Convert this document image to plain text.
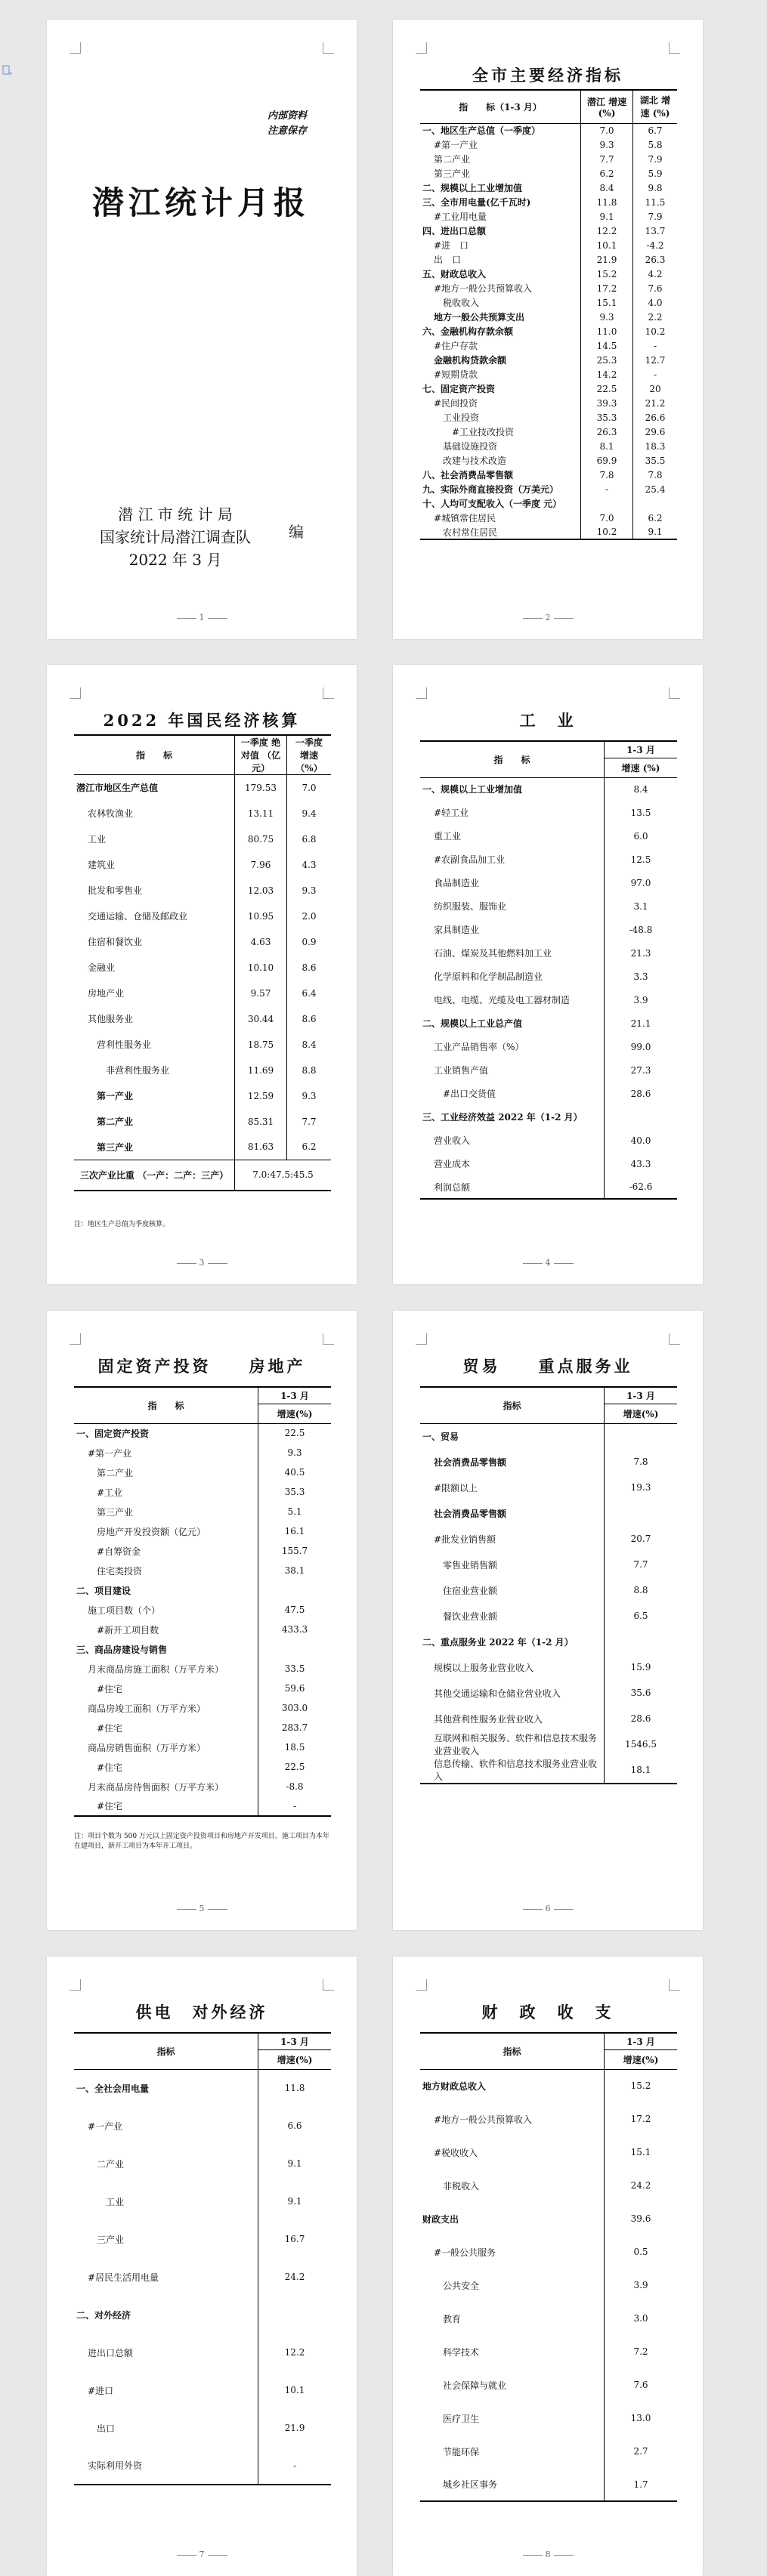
内部资料
注意保存
潜江统计月报
潜 江 市 统 计 局
国家统计局潜江调查队
2022 年 3 月
编
1
全市主要经济指标
指　　标（1-3 月）	潜江 增速 (%)	湖北 增速 (%)
一、地区生产总值（一季度）	7.0	6.7
#第一产业	9.3	5.8
第二产业	7.7	7.9
第三产业	6.2	5.9
二、规模以上工业增加值	8.4	9.8
三、全市用电量(亿千瓦时)	11.8	11.5
#工业用电量	9.1	7.9
四、进出口总额	12.2	13.7
#进　口	10.1	-4.2
出　口	21.9	26.3
五、财政总收入	15.2	4.2
#地方一般公共预算收入	17.2	7.6
税收收入	15.1	4.0
地方一般公共预算支出	9.3	2.2
六、金融机构存款余额	11.0	10.2
#住户存款	14.5	-
金融机构贷款余额	25.3	12.7
#短期贷款	14.2	-
七、固定资产投资	22.5	20
#民间投资	39.3	21.2
工业投资	35.3	26.6
#工业技改投资	26.3	29.6
基础设施投资	8.1	18.3
改建与技术改造	69.9	35.5
八、社会消费品零售额	7.8	7.8
九、实际外商直接投资（万美元）	-	25.4
十、人均可支配收入（一季度 元）		
#城镇常住居民	7.0	6.2
农村常住居民	10.2	9.1
2
2022 年国民经济核算
指　　标	一季度 绝对值 （亿元）	一季度 增速 （%）
潜江市地区生产总值	179.53	7.0
农林牧渔业	13.11	9.4
工业	80.75	6.8
建筑业	7.96	4.3
批发和零售业	12.03	9.3
交通运输、仓储及邮政业	10.95	2.0
住宿和餐饮业	4.63	0.9
金融业	10.10	8.6
房地产业	9.57	6.4
其他服务业	30.44	8.6
营利性服务业	18.75	8.4
非营利性服务业	11.69	8.8
第一产业	12.59	9.3
第二产业	85.31	7.7
第三产业	81.63	6.2
三次产业比重 （一产：二产：三产）	7.0:47.5:45.5	
注：地区生产总值为季度核算。
3
工　业
指　　标	1-3 月
	增速 (%)
一、规模以上工业增加值	8.4
#轻工业	13.5
重工业	6.0
#农副食品加工业	12.5
食品制造业	97.0
纺织服装、服饰业	3.1
家具制造业	-48.8
石油、煤炭及其他燃料加工业	21.3
化学原料和化学制品制造业	3.3
电线、电缆、光缆及电工器材制造	3.9
二、规模以上工业总产值	21.1
工业产品销售率（%）	99.0
工业销售产值	27.3
#出口交货值	28.6
三、工业经济效益 2022 年（1-2 月）	
营业收入	40.0
营业成本	43.3
利润总额	-62.6
4
固定资产投资　　房地产
指　　标	1-3 月
	增速(%)
一、固定资产投资	22.5
#第一产业	9.3
第二产业	40.5
#工业	35.3
第三产业	5.1
房地产开发投资额（亿元）	16.1
#自筹资金	155.7
住宅类投资	38.1
二、项目建设	
施工项目数（个）	47.5
#新开工项目数	433.3
三、商品房建设与销售	
月末商品房施工面积（万平方米）	33.5
#住宅	59.6
商品房竣工面积（万平方米）	303.0
#住宅	283.7
商品房销售面积（万平方米）	18.5
#住宅	22.5
月末商品房待售面积（万平方米）	-8.8
#住宅	-
注：项目个数为 500 万元以上固定资产投资项目和房地产开发项目。施工项目为本年在建项目，新开工项目为本年开工项目。
5
贸易　　重点服务业
指标	1-3 月
	增速(%)
一、贸易	
社会消费品零售额	7.8
#限额以上	19.3
社会消费品零售额	
#批发业销售额	20.7
零售业销售额	7.7
住宿业营业额	8.8
餐饮业营业额	6.5
二、重点服务业 2022 年（1-2 月）	
规模以上服务业营业收入	15.9
其他交通运输和仓储业营业收入	35.6
其他营利性服务业营业收入	28.6
互联网和相关服务、软件和信息技术服务业营业收入	1546.5
信息传输、软件和信息技术服务业营业收入	18.1
6
供电　对外经济
指标	1-3 月
	增速(%)
一、全社会用电量	11.8
#一产业	6.6
二产业	9.1
工业	9.1
三产业	16.7
#居民生活用电量	24.2
二、对外经济	
进出口总额	12.2
#进口	10.1
出口	21.9
实际利用外资	-
7
财　政　收　支
指标	1-3 月
	增速(%)
地方财政总收入	15.2
#地方一般公共预算收入	17.2
#税收收入	15.1
非税收入	24.2
财政支出	39.6
#一般公共服务	0.5
公共安全	3.9
教育	3.0
科学技术	7.2
社会保障与就业	7.6
医疗卫生	13.0
节能环保	2.7
城乡社区事务	1.7
8
